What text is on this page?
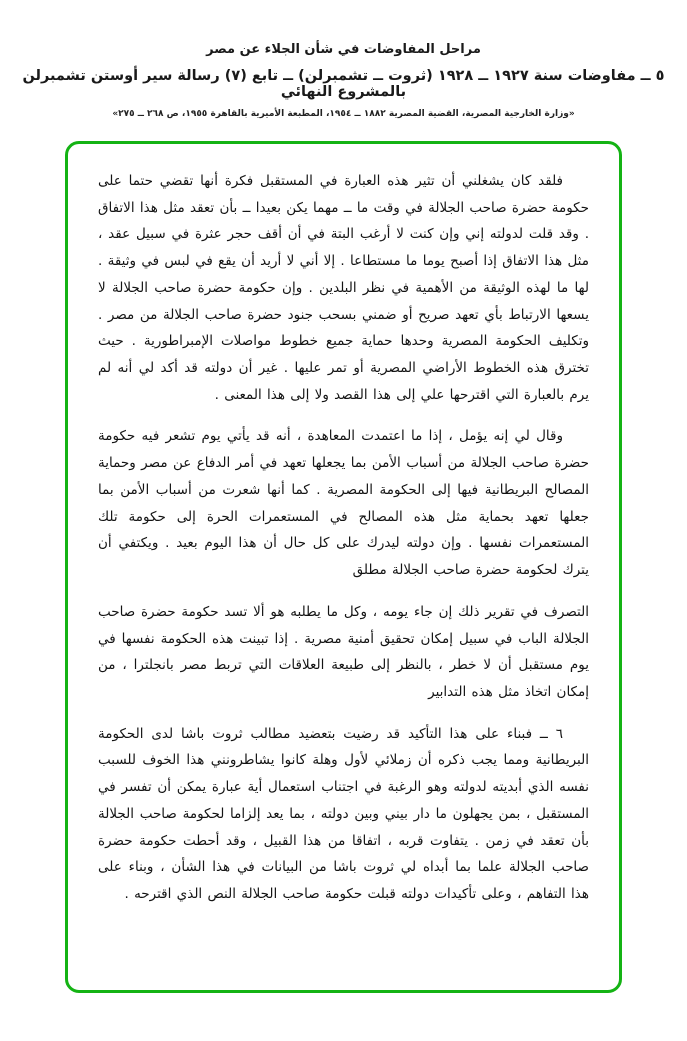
مراحل المفاوضات في شأن الجلاء عن مصر
٥ ــ مفاوضات سنة ١٩٢٧ ــ ١٩٢٨ (ثروت ــ تشمبرلن) ــ تابع (٧) رسالة سير أوستن تشمبرلن بالمشروع النهائي
«وزارة الخارجية المصرية، القضية المصرية ١٨٨٢ ــ ١٩٥٤، المطبعة الأميرية بالقاهرة ١٩٥٥، ص ٢٦٨ ــ ٢٧٥»

فلقد كان يشغلني أن تثير هذه العبارة في المستقبل فكرة أنها تقضي حتما على حكومة حضرة صاحب الجلالة في وقت ما ــ مهما يكن بعيدا ــ بأن تعقد مثل هذا الاتفاق . وقد قلت لدولته إني وإن كنت لا أرغب البتة في أن أقف حجر عثرة في سبيل عقد ، مثل هذا الاتفاق إذا أصبح يوما ما مستطاعا . إلا أني لا أريد أن يقع في لبس في وثيقة . لها ما لهذه الوثيقة من الأهمية في نظر البلدين . وإن حكومة حضرة صاحب الجلالة لا يسعها الارتباط بأي تعهد صريح أو ضمني بسحب جنود حضرة صاحب الجلالة من مصر . وتكليف الحكومة المصرية وحدها حماية جميع خطوط مواصلات الإمبراطورية . حيث تخترق هذه الخطوط الأراضي المصرية أو تمر عليها . غير أن دولته قد أكد لي أنه لم يرم بالعبارة التي اقترحها علي إلى هذا القصد ولا إلى هذا المعنى .

وقال لي إنه يؤمل ، إذا ما اعتمدت المعاهدة ، أنه قد يأتي يوم تشعر فيه حكومة حضرة صاحب الجلالة من أسباب الأمن بما يجعلها تعهد في أمر الدفاع عن مصر وحماية المصالح البريطانية فيها إلى الحكومة المصرية . كما أنها شعرت من أسباب الأمن بما جعلها تعهد بحماية مثل هذه المصالح في المستعمرات الحرة إلى حكومة تلك المستعمرات نفسها . وإن دولته ليدرك على كل حال أن هذا اليوم بعيد . ويكتفي أن يترك لحكومة حضرة صاحب الجلالة مطلق

التصرف في تقرير ذلك إن جاء يومه ، وكل ما يطلبه هو ألا تسد حكومة حضرة صاحب الجلالة الباب في سبيل إمكان تحقيق أمنية مصرية . إذا تبينت هذه الحكومة نفسها في يوم مستقبل أن لا خطر ، بالنظر إلى طبيعة العلاقات التي تربط مصر بانجلترا ، من إمكان اتخاذ مثل هذه التدابير

٦ ــ فبناء على هذا التأكيد قد رضيت بتعضيد مطالب ثروت باشا لدى الحكومة البريطانية ومما يجب ذكره أن زملائي لأول وهلة كانوا يشاطرونني هذا الخوف للسبب نفسه الذي أبديته لدولته وهو الرغبة في اجتناب استعمال أية عبارة يمكن أن تفسر في المستقبل ، بمن يجهلون ما دار بيني وبين دولته ، بما يعد إلزاما لحكومة صاحب الجلالة بأن تعقد في زمن . يتفاوت قربه ، اتفاقا من هذا القبيل ، وقد أحطت حكومة حضرة صاحب الجلالة علما بما أبداه لي ثروت باشا من البيانات في هذا الشأن ، وبناء على هذا التفاهم ، وعلى تأكيدات دولته قبلت حكومة صاحب الجلالة النص الذي اقترحه .
